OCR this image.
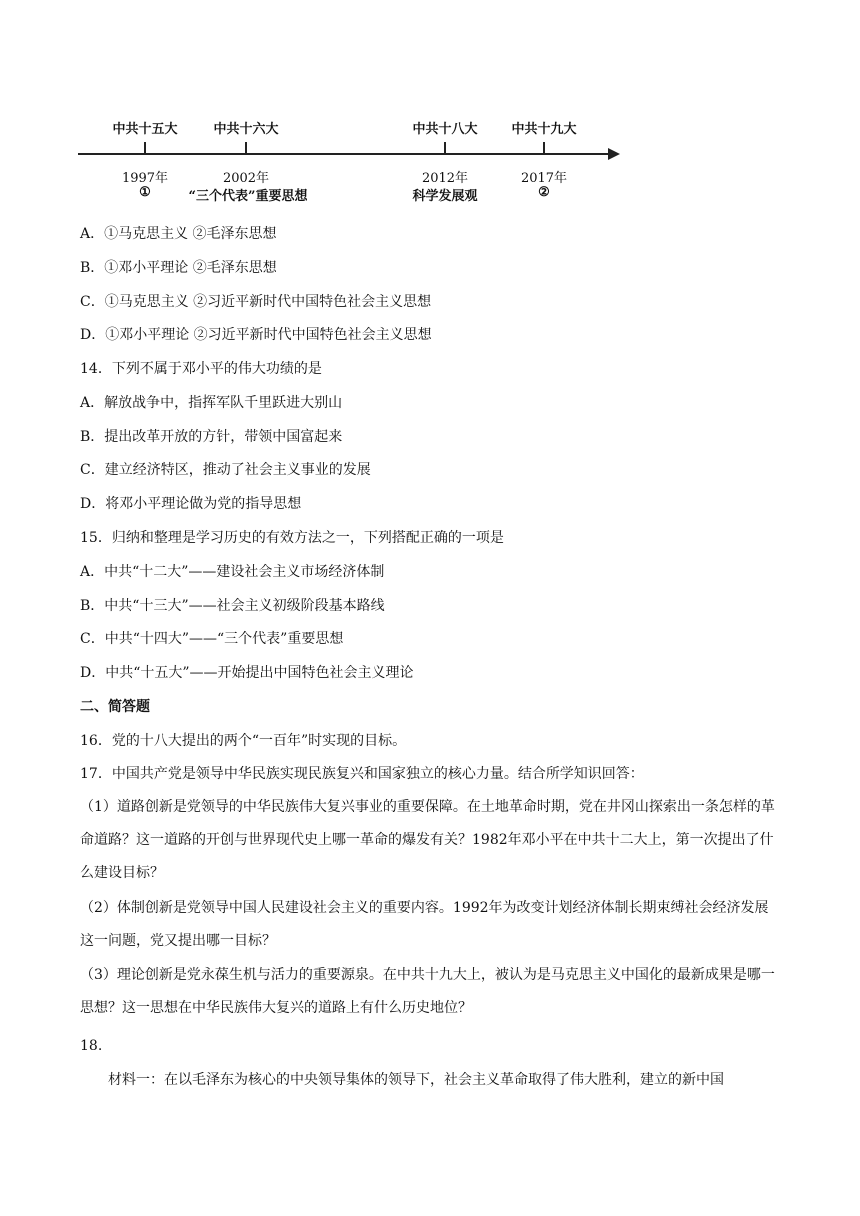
中共十五大	中共十六大	中共十八大	中共十九大
1997年	2002年	2012年	2017年
①	“三个代表”重要思想	科学发展观	②
A．①马克思主义 ②毛泽东思想
B．①邓小平理论 ②毛泽东思想
C．①马克思主义 ②习近平新时代中国特色社会主义思想
D．①邓小平理论 ②习近平新时代中国特色社会主义思想
14．下列不属于邓小平的伟大功绩的是
A．解放战争中，指挥军队千里跃进大别山
B．提出改革开放的方针，带领中国富起来
C．建立经济特区，推动了社会主义事业的发展
D．将邓小平理论做为党的指导思想
15．归纳和整理是学习历史的有效方法之一，下列搭配正确的一项是
A．中共“十二大”——建设社会主义市场经济体制
B．中共“十三大”——社会主义初级阶段基本路线
C．中共“十四大”——“三个代表”重要思想
D．中共“十五大”——开始提出中国特色社会主义理论
二、简答题
16．党的十八大提出的两个“一百年”时实现的目标。
17．中国共产党是领导中华民族实现民族复兴和国家独立的核心力量。结合所学知识回答：
（1）道路创新是党领导的中华民族伟大复兴事业的重要保障。在土地革命时期，党在井冈山探索出一条怎样的革命道路？这一道路的开创与世界现代史上哪一革命的爆发有关？1982年邓小平在中共十二大上，第一次提出了什么建设目标？
（2）体制创新是党领导中国人民建设社会主义的重要内容。1992年为改变计划经济体制长期束缚社会经济发展这一问题，党又提出哪一目标？
（3）理论创新是党永葆生机与活力的重要源泉。在中共十九大上，被认为是马克思主义中国化的最新成果是哪一思想？这一思想在中华民族伟大复兴的道路上有什么历史地位？
18.
材料一：在以毛泽东为核心的中央领导集体的领导下，社会主义革命取得了伟大胜利，建立的新中国
